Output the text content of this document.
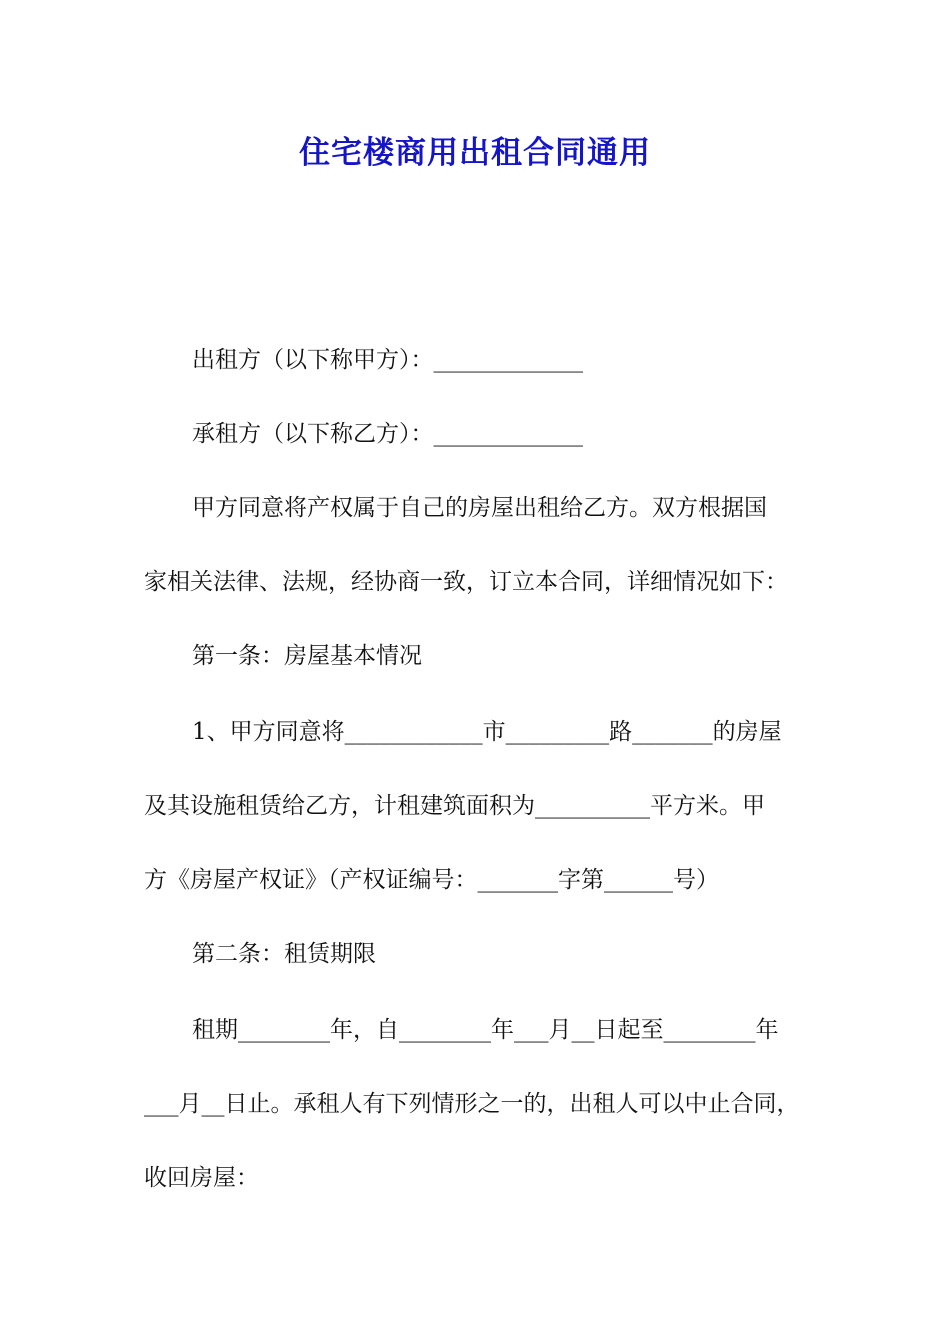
住宅楼商用出租合同通用
出租方（以下称甲方）：_____________
承租方（以下称乙方）：_____________
甲方同意将产权属于自己的房屋出租给乙方。双方根据国
家相关法律、法规，经协商一致，订立本合同，详细情况如下：
第一条：房屋基本情况
1、甲方同意将____________市_________路_______的房屋
及其设施租赁给乙方，计租建筑面积为__________平方米。甲
方《房屋产权证》（产权证编号：_______字第______号）
第二条：租赁期限
租期________年，自________年___月__日起至________年
___月__日止。承租人有下列情形之一的，出租人可以中止合同，
收回房屋：
